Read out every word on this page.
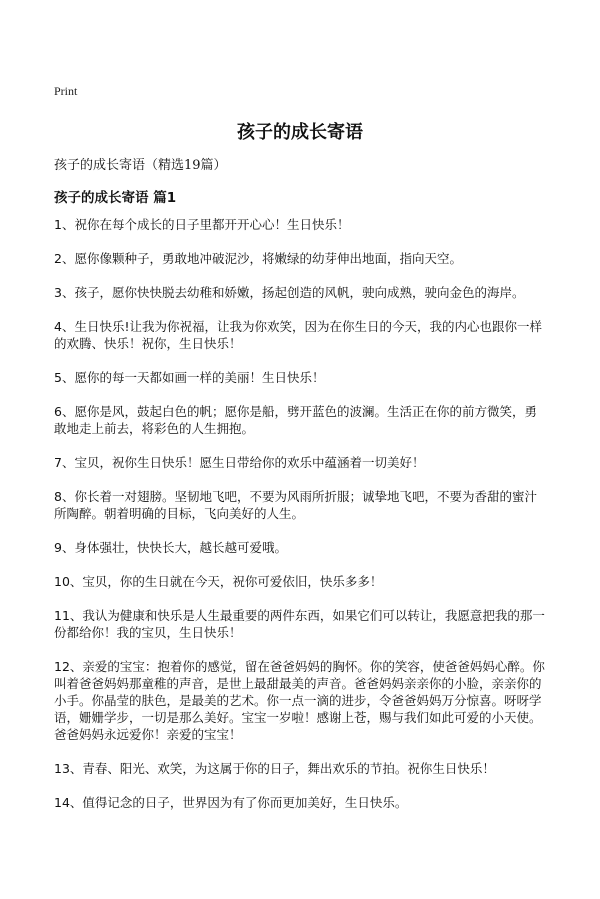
Print
孩子的成长寄语
孩子的成长寄语（精选19篇）
孩子的成长寄语 篇1
1、祝你在每个成长的日子里都开开心心！生日快乐！
2、愿你像颗种子，勇敢地冲破泥沙，将嫩绿的幼芽伸出地面，指向天空。
3、孩子，愿你快快脱去幼稚和娇嫩，扬起创造的风帆，驶向成熟，驶向金色的海岸。
4、生日快乐!让我为你祝福，让我为你欢笑，因为在你生日的今天，我的内心也跟你一样的欢腾、快乐！祝你，生日快乐！
5、愿你的每一天都如画一样的美丽！生日快乐！
6、愿你是风，鼓起白色的帆；愿你是船，劈开蓝色的波澜。生活正在你的前方微笑，勇敢地走上前去，将彩色的人生拥抱。
7、宝贝，祝你生日快乐！愿生日带给你的欢乐中蕴涵着一切美好！
8、你长着一对翅膀。坚韧地飞吧，不要为风雨所折服；诚挚地飞吧，不要为香甜的蜜汁所陶醉。朝着明确的目标，飞向美好的人生。
9、身体强壮，快快长大，越长越可爱哦。
10、宝贝，你的生日就在今天，祝你可爱依旧，快乐多多！
11、我认为健康和快乐是人生最重要的两件东西，如果它们可以转让，我愿意把我的那一份都给你！我的宝贝，生日快乐！
12、亲爱的宝宝：抱着你的感觉，留在爸爸妈妈的胸怀。你的笑容，使爸爸妈妈心醉。你叫着爸爸妈妈那童稚的声音，是世上最甜最美的声音。爸爸妈妈亲亲你的小脸，亲亲你的小手。你晶莹的肤色，是最美的艺术。你一点一滴的进步，令爸爸妈妈万分惊喜。呀呀学语，姗姗学步，一切是那么美好。宝宝一岁啦！感谢上苍，赐与我们如此可爱的小天使。爸爸妈妈永远爱你！亲爱的宝宝！
13、青春、阳光、欢笑，为这属于你的日子，舞出欢乐的节拍。祝你生日快乐！
14、值得记念的日子，世界因为有了你而更加美好，生日快乐。
